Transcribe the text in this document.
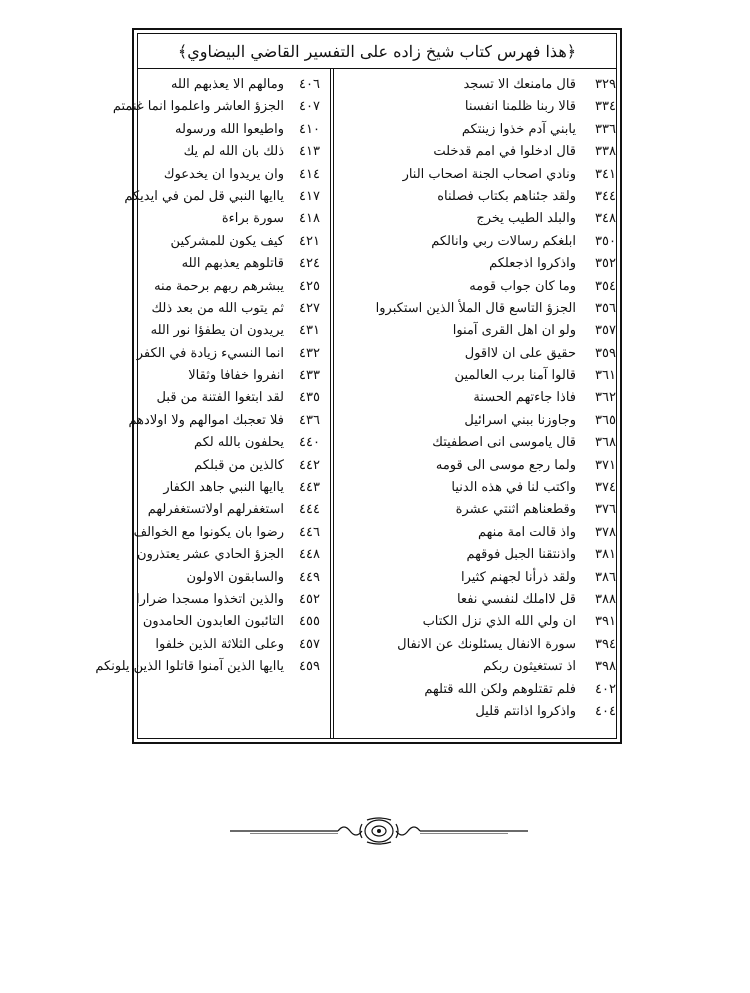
﴿هذا فهرس كتاب شيخ زاده على التفسير القاضي البيضاوي﴾
٣٢٩
قال مامنعك الا تسجد
٣٣٤
قالا ربنا ظلمنا انفسنا
٣٣٦
يابني آدم خذوا زينتكم
٣٣٨
قال ادخلوا في امم قدخلت
٣٤١
ونادي اصحاب الجنة اصحاب النار
٣٤٤
ولقد جئناهم بكتاب فصلناه
٣٤٨
والبلد الطيب يخرج
٣٥٠
ابلغكم رسالات ربي وانالكم
٣٥٢
واذكروا اذجعلكم
٣٥٤
وما كان جواب قومه
٣٥٦
الجزؤ التاسع قال الملأ الذين استكبروا
٣٥٧
ولو ان اهل القرى آمنوا
٣٥٩
حقيق على ان لااقول
٣٦١
قالوا آمنا برب العالمين
٣٦٢
فاذا جاءتهم الحسنة
٣٦٥
وجاوزنا ببني اسرائيل
٣٦٨
قال ياموسى انى اصطفيتك
٣٧١
ولما رجع موسى الى قومه
٣٧٤
واكتب لنا في هذه الدنيا
٣٧٦
وقطعناهم اثنتي عشرة
٣٧٨
واذ قالت امة منهم
٣٨١
واذنتقنا الجبل فوقهم
٣٨٦
ولقد ذرأنا لجهنم كثيرا
٣٨٨
قل لااملك لنفسي نفعا
٣٩١
ان ولي الله الذي نزل الكتاب
٣٩٤
سورة الانفال يسئلونك عن الانفال
٣٩٨
اذ تستغيثون ربكم
٤٠٢
فلم تقتلوهم ولكن الله قتلهم
٤٠٤
واذكروا اذانتم قليل
٤٠٦
ومالهم الا يعذبهم الله
٤٠٧
الجزؤ العاشر واعلموا انما غنمتم
٤١٠
واطيعوا الله ورسوله
٤١٣
ذلك بان الله لم يك
٤١٤
وان يريدوا ان يخدعوك
٤١٧
ياايها النبي قل لمن في ايديكم
٤١٨
سورة براءة
٤٢١
كيف يكون للمشركين
٤٢٤
قاتلوهم يعذبهم الله
٤٢٥
يبشرهم ربهم برحمة منه
٤٢٧
ثم يتوب الله من بعد ذلك
٤٣١
يريدون ان يطفؤا نور الله
٤٣٢
انما النسيء زيادة في الكفر
٤٣٣
انفروا خفافا وثقالا
٤٣٥
لقد ابتغوا الفتنة من قبل
٤٣٦
فلا تعجبك اموالهم ولا اولادهم
٤٤٠
يحلفون بالله لكم
٤٤٢
كالذين من قبلكم
٤٤٣
ياايها النبي جاهد الكفار
٤٤٤
استغفرلهم اولاتستغفرلهم
٤٤٦
رضوا بان يكونوا مع الخوالف
٤٤٨
الجزؤ الحادي عشر يعتذرون
٤٤٩
والسابقون الاولون
٤٥٢
والذين اتخذوا مسجدا ضرارا
٤٥٥
التائبون العابدون الحامدون
٤٥٧
وعلى الثلاثة الذين خلفوا
٤٥٩
ياايها الذين آمنوا قاتلوا الذين يلونكم
